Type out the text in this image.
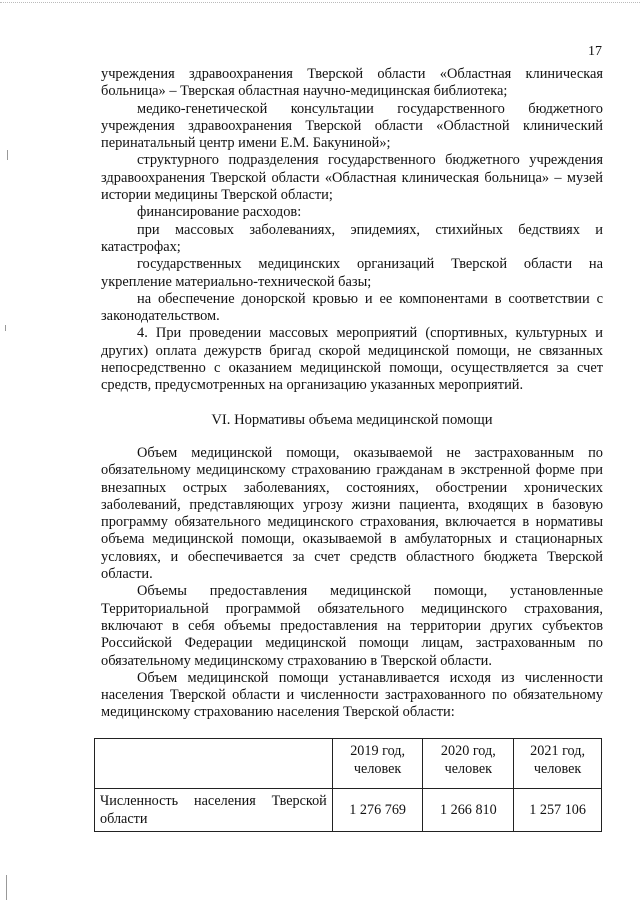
17

учреждения здравоохранения Тверской области «Областная клиническая больница» – Тверская областная научно-медицинская библиотека;

медико-генетической консультации государственного бюджетного учреждения здравоохранения Тверской области «Областной клинический перинатальный центр имени Е.М. Бакуниной»;

структурного подразделения государственного бюджетного учреждения здравоохранения Тверской области «Областная клиническая больница» – музей истории медицины Тверской области;

финансирование расходов:

при массовых заболеваниях, эпидемиях, стихийных бедствиях и катастрофах;

государственных медицинских организаций Тверской области на укрепление материально-технической базы;

на обеспечение донорской кровью и ее компонентами в соответствии с законодательством.

4. При проведении массовых мероприятий (спортивных, культурных и других) оплата дежурств бригад скорой медицинской помощи, не связанных непосредственно с оказанием медицинской помощи, осуществляется за счет средств, предусмотренных на организацию указанных мероприятий.

VI. Нормативы объема медицинской помощи

Объем медицинской помощи, оказываемой не застрахованным по обязательному медицинскому страхованию гражданам в экстренной форме при внезапных острых заболеваниях, состояниях, обострении хронических заболеваний, представляющих угрозу жизни пациента, входящих в базовую программу обязательного медицинского страхования, включается в нормативы объема медицинской помощи, оказываемой в амбулаторных и стационарных условиях, и обеспечивается за счет средств областного бюджета Тверской области.

Объемы предоставления медицинской помощи, установленные Территориальной программой обязательного медицинского страхования, включают в себя объемы предоставления на территории других субъектов Российской Федерации медицинской помощи лицам, застрахованным по обязательному медицинскому страхованию в Тверской области.

Объем медицинской помощи устанавливается исходя из численности населения Тверской области и численности застрахованного по обязательному медицинскому страхованию населения Тверской области:

	2019 год, человек	2020 год, человек	2021 год, человек
Численность населения Тверской области	1 276 769	1 266 810	1 257 106
